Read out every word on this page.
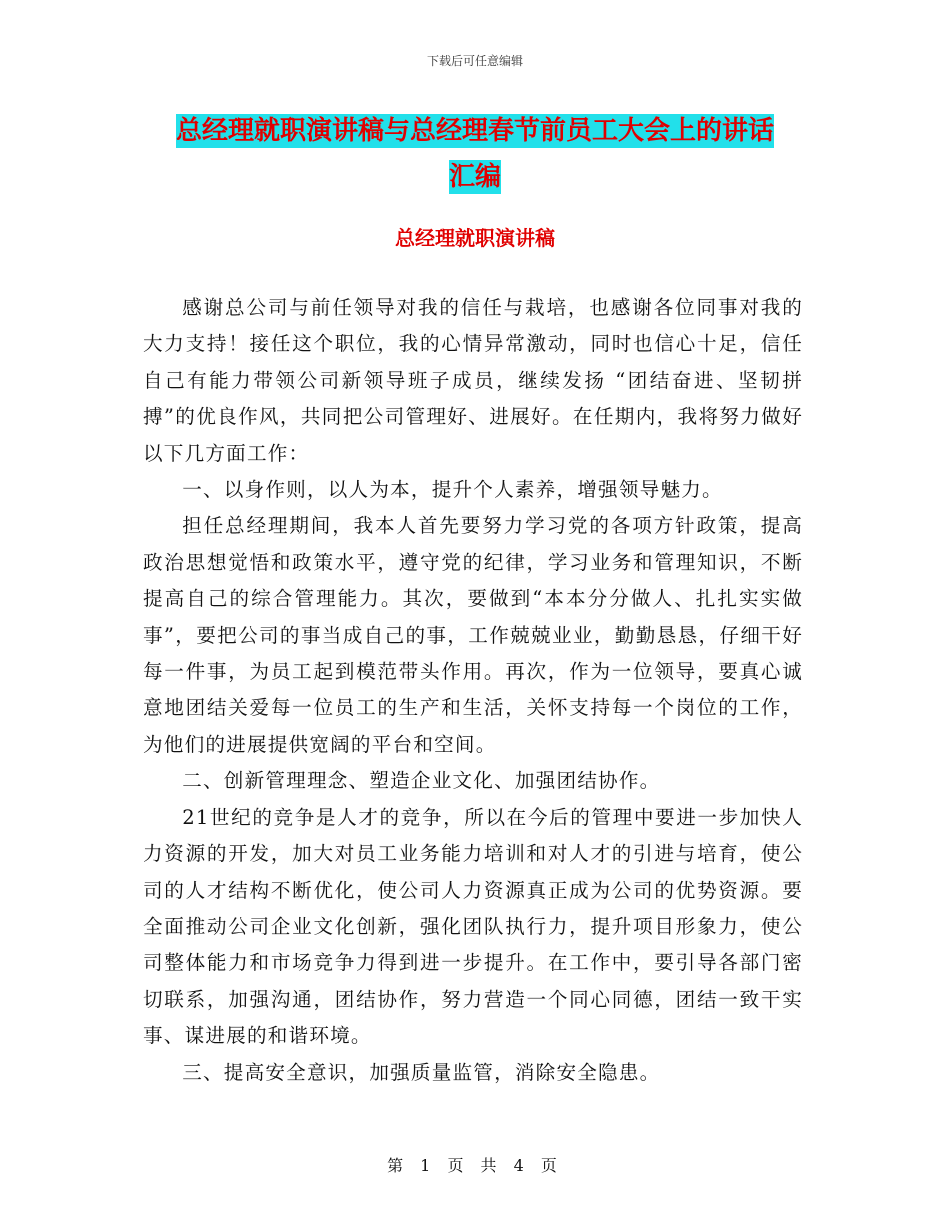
下载后可任意编辑
总经理就职演讲稿与总经理春节前员工大会上的讲话
汇编
总经理就职演讲稿

感谢总公司与前任领导对我的信任与栽培，也感谢各位同事对我的大力支持！接任这个职位，我的心情异常激动，同时也信心十足，信任自己有能力带领公司新领导班子成员，继续发扬 “团结奋进、坚韧拼搏”的优良作风，共同把公司管理好、进展好。在任期内，我将努力做好以下几方面工作：

一、以身作则，以人为本，提升个人素养，增强领导魅力。

担任总经理期间，我本人首先要努力学习党的各项方针政策，提高政治思想觉悟和政策水平，遵守党的纪律，学习业务和管理知识，不断提高自己的综合管理能力。其次，要做到“本本分分做人、扎扎实实做事”，要把公司的事当成自己的事，工作兢兢业业，勤勤恳恳，仔细干好每一件事，为员工起到模范带头作用。再次，作为一位领导，要真心诚意地团结关爱每一位员工的生产和生活，关怀支持每一个岗位的工作，为他们的进展提供宽阔的平台和空间。

二、创新管理理念、塑造企业文化、加强团结协作。

21世纪的竞争是人才的竞争，所以在今后的管理中要进一步加快人力资源的开发，加大对员工业务能力培训和对人才的引进与培育，使公司的人才结构不断优化，使公司人力资源真正成为公司的优势资源。要全面推动公司企业文化创新，强化团队执行力，提升项目形象力，使公司整体能力和市场竞争力得到进一步提升。在工作中，要引导各部门密切联系，加强沟通，团结协作，努力营造一个同心同德，团结一致干实事、谋进展的和谐环境。

三、提高安全意识，加强质量监管，消除安全隐患。

第 1 页 共 4 页
